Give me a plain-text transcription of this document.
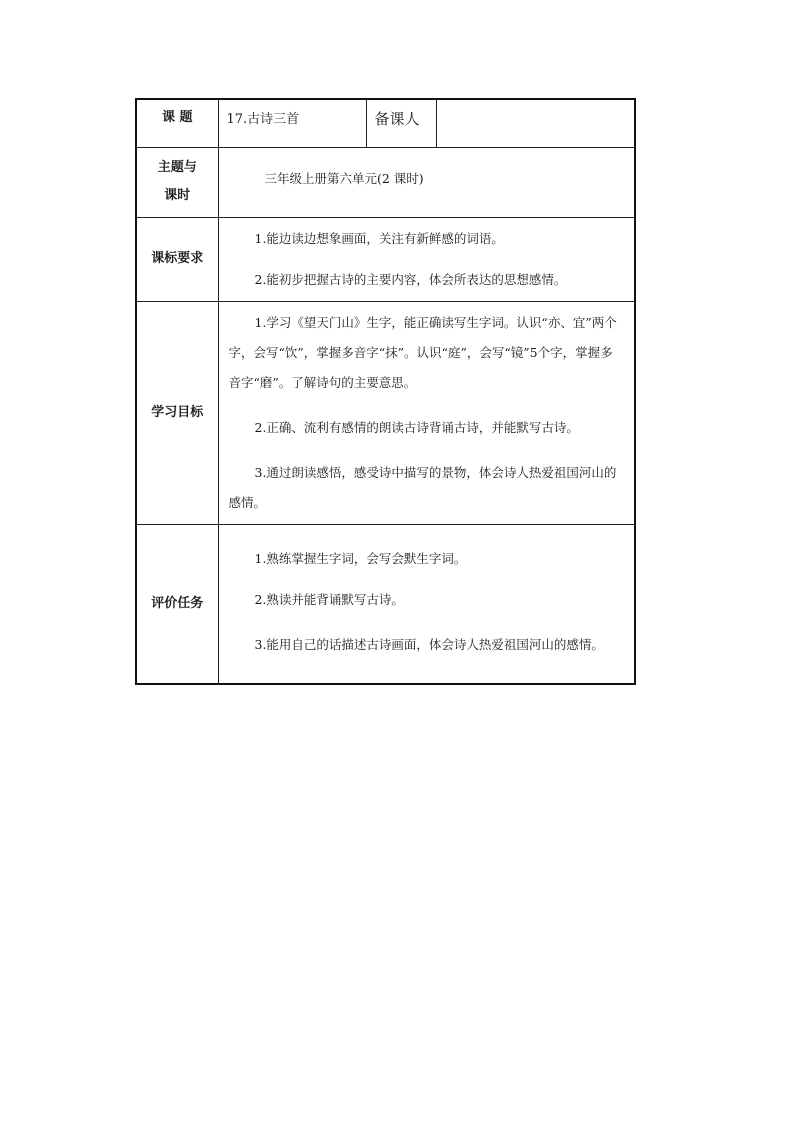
课 题	17.古诗三首	备课人	

主题与
课时	三年级上册第六单元(2 课时)		

课标要求	1.能边读边想象画面，关注有新鲜感的词语。

2.能初步把握古诗的主要内容，体会所表达的思想感情。		

学习目标	1.学习《望天门山》生字，能正确读写生字词。认识“亦、宜”两个字，会写“饮”，掌握多音字“抹”。认识“庭”，会写“镜”5个字，掌握多音字“磨”。了解诗句的主要意思。

2.正确、流利有感情的朗读古诗背诵古诗，并能默写古诗。

3.通过朗读感悟，感受诗中描写的景物，体会诗人热爱祖国河山的感情。		

评价任务	1.熟练掌握生字词，会写会默生字词。

2.熟读并能背诵默写古诗。

3.能用自己的话描述古诗画面，体会诗人热爱祖国河山的感情。		
